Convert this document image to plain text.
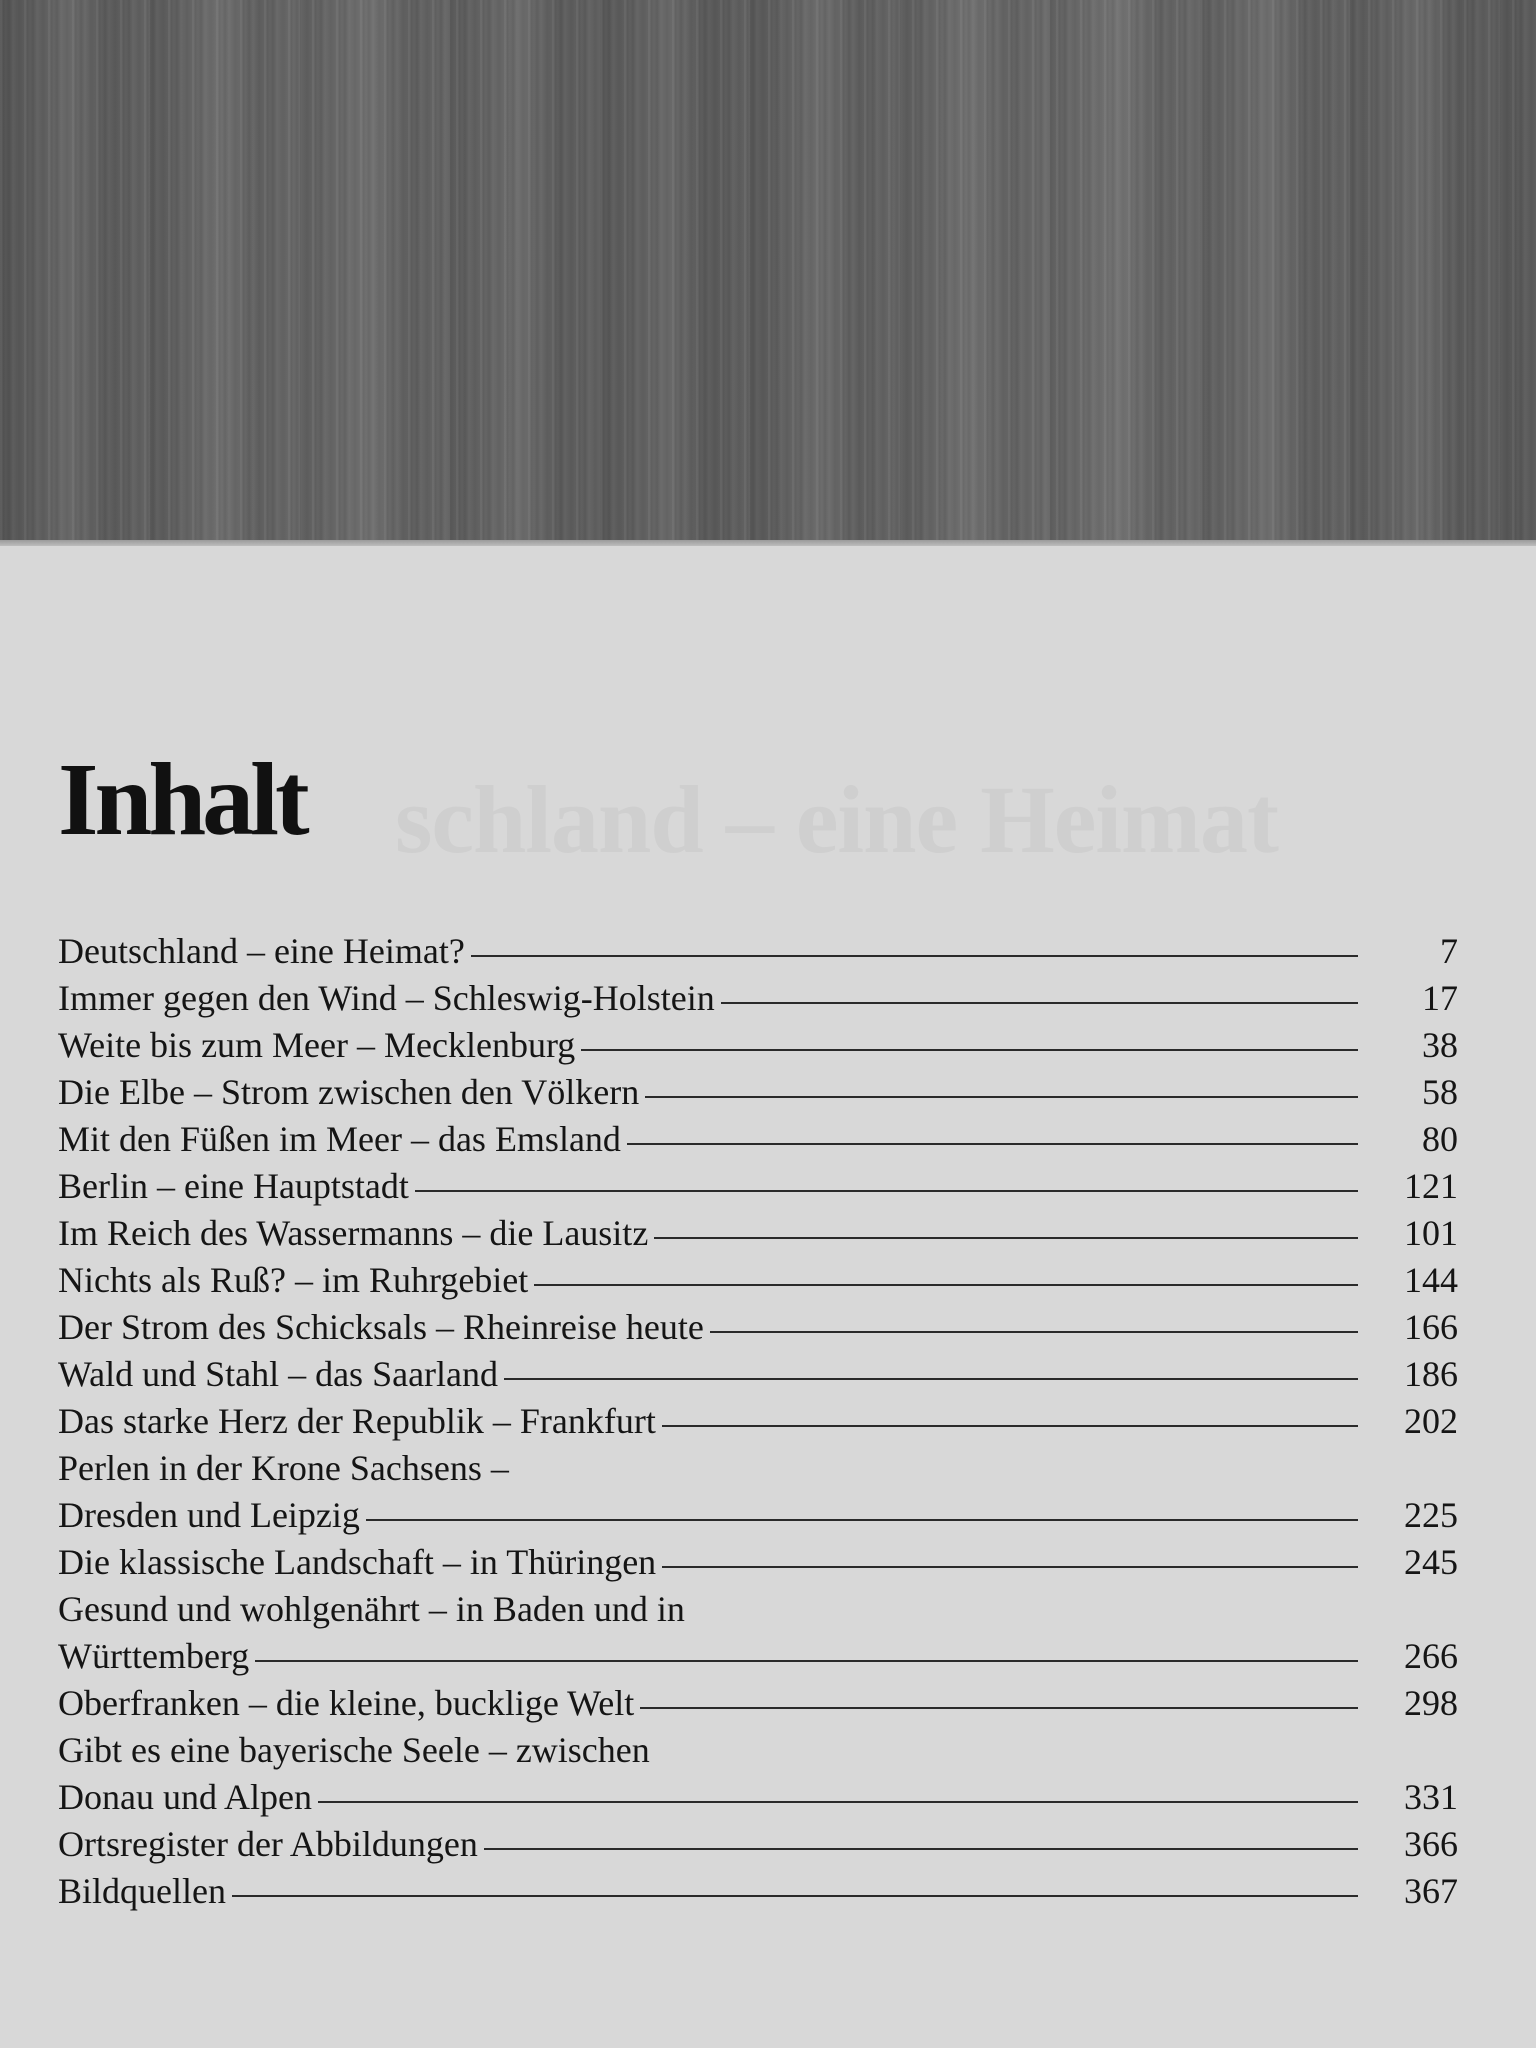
schland – eine Heimat
Inhalt
Deutschland – eine Heimat?	7
Immer gegen den Wind – Schleswig-Holstein	17
Weite bis zum Meer – Mecklenburg	38
Die Elbe – Strom zwischen den Völkern	58
Mit den Füßen im Meer – das Emsland	80
Berlin – eine Hauptstadt	121
Im Reich des Wassermanns – die Lausitz	101
Nichts als Ruß? – im Ruhrgebiet	144
Der Strom des Schicksals – Rheinreise heute	166
Wald und Stahl – das Saarland	186
Das starke Herz der Republik – Frankfurt	202
Perlen in der Krone Sachsens –
Dresden und Leipzig	225
Die klassische Landschaft – in Thüringen	245
Gesund und wohlgenährt – in Baden und in
Württemberg	266
Oberfranken – die kleine, bucklige Welt	298
Gibt es eine bayerische Seele – zwischen
Donau und Alpen	331
Ortsregister der Abbildungen	366
Bildquellen	367
